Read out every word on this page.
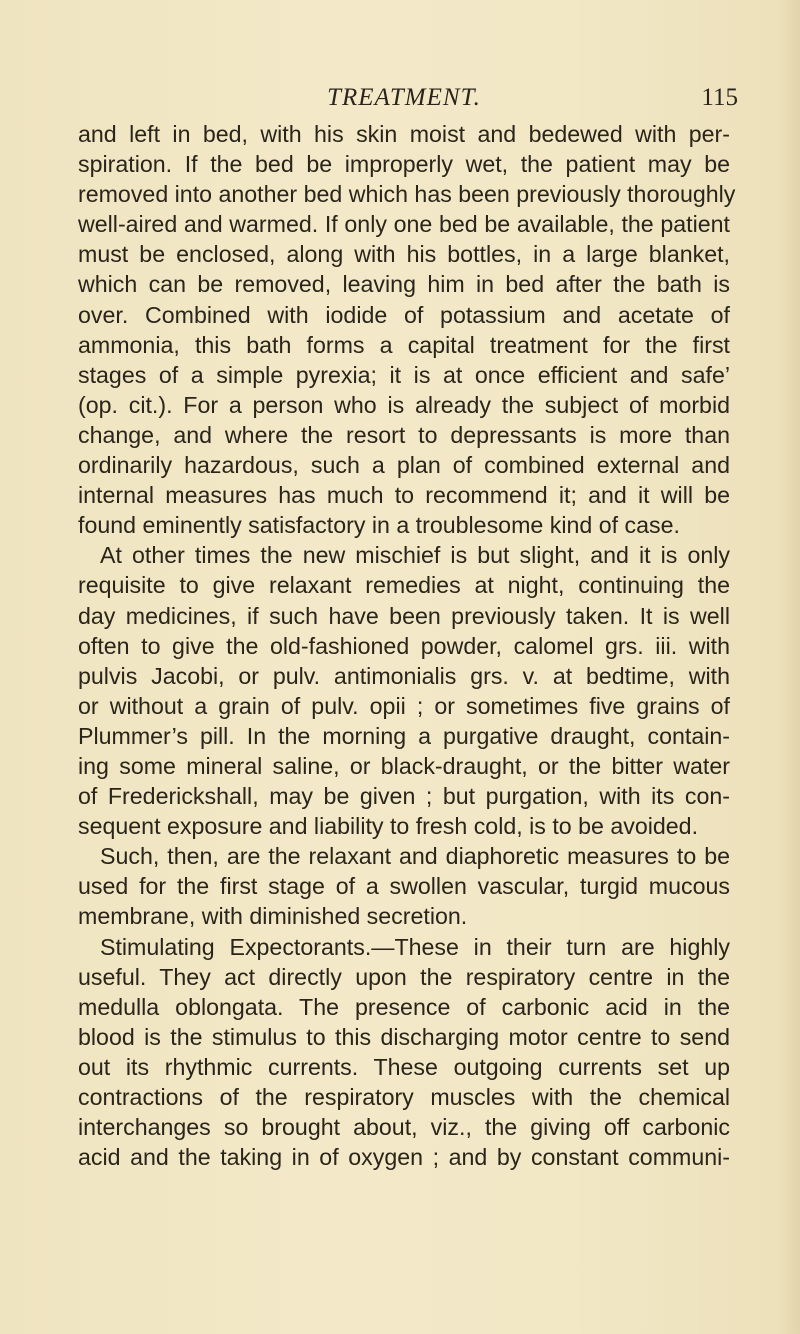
TREATMENT.	115
and left in bed, with his skin moist and bedewed with per-
spiration. If the bed be improperly wet, the patient may be
removed into another bed which has been previously thoroughly
well-aired and warmed. If only one bed be available, the patient
must be enclosed, along with his bottles, in a large blanket,
which can be removed, leaving him in bed after the bath is
over. Combined with iodide of potassium and acetate of
ammonia, this bath forms a capital treatment for the first
stages of a simple pyrexia; it is at once efficient and safe’
(op. cit.). For a person who is already the subject of morbid
change, and where the resort to depressants is more than
ordinarily hazardous, such a plan of combined external and
internal measures has much to recommend it; and it will be
found eminently satisfactory in a troublesome kind of case.
At other times the new mischief is but slight, and it is only
requisite to give relaxant remedies at night, continuing the
day medicines, if such have been previously taken. It is well
often to give the old-fashioned powder, calomel grs. iii. with
pulvis Jacobi, or pulv. antimonialis grs. v. at bedtime, with
or without a grain of pulv. opii ; or sometimes five grains of
Plummer’s pill. In the morning a purgative draught, contain-
ing some mineral saline, or black-draught, or the bitter water
of Frederickshall, may be given ; but purgation, with its con-
sequent exposure and liability to fresh cold, is to be avoided.
Such, then, are the relaxant and diaphoretic measures to be
used for the first stage of a swollen vascular, turgid mucous
membrane, with diminished secretion.
Stimulating Expectorants.—These in their turn are highly
useful. They act directly upon the respiratory centre in the
medulla oblongata. The presence of carbonic acid in the
blood is the stimulus to this discharging motor centre to send
out its rhythmic currents. These outgoing currents set up
contractions of the respiratory muscles with the chemical
interchanges so brought about, viz., the giving off carbonic
acid and the taking in of oxygen ; and by constant communi-
